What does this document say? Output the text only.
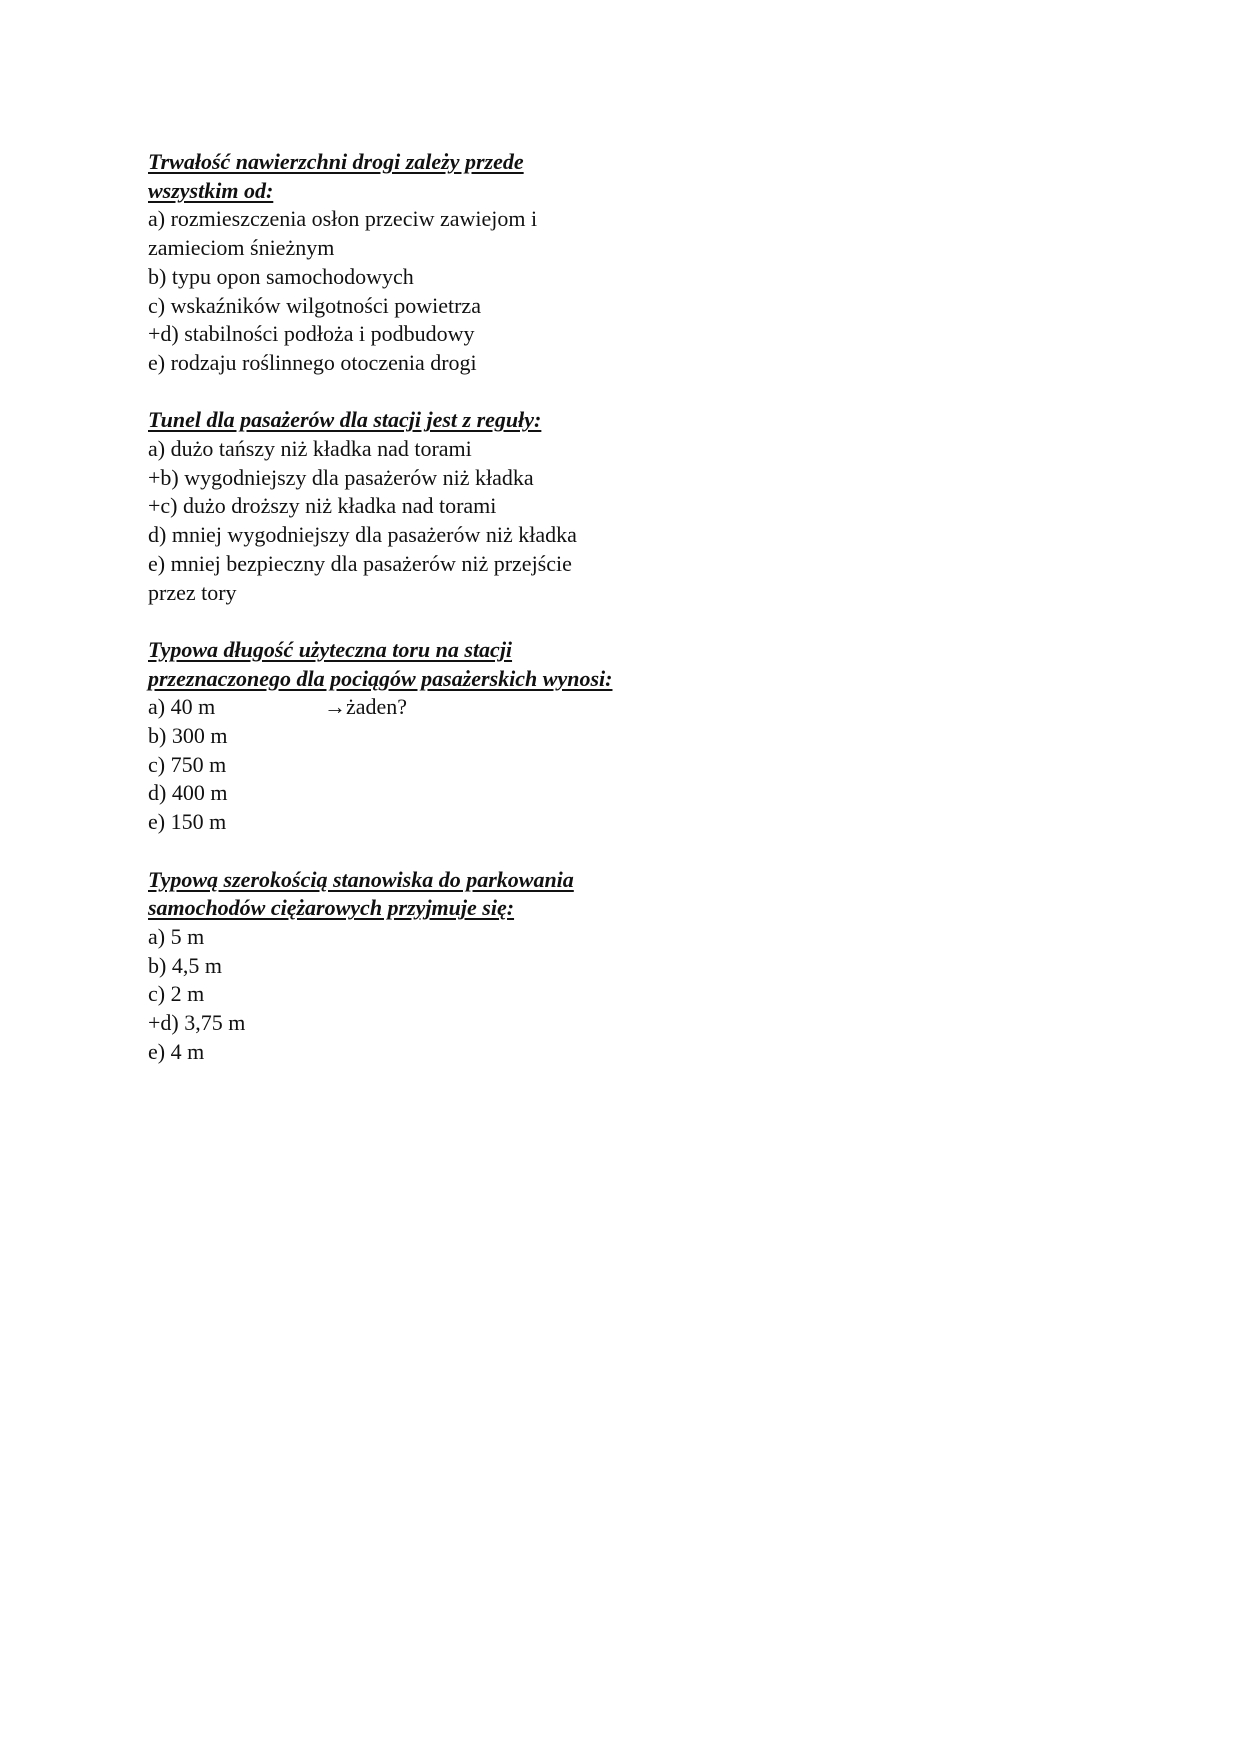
Trwałość nawierzchni drogi zależy przede
wszystkim od:
a) rozmieszczenia osłon przeciw zawiejom i
zamieciom śnieżnym
b) typu opon samochodowych
c) wskaźników wilgotności powietrza
+d) stabilności podłoża i podbudowy
e) rodzaju roślinnego otoczenia drogi
Tunel dla pasażerów dla stacji jest z reguły:
a) dużo tańszy niż kładka nad torami
+b) wygodniejszy dla pasażerów niż kładka
+c) dużo droższy niż kładka nad torami
d) mniej wygodniejszy dla pasażerów niż kładka
e) mniej bezpieczny dla pasażerów niż przejście
przez tory
Typowa długość użyteczna toru na stacji
przeznaczonego dla pociągów pasażerskich wynosi:
a) 40 m	→żaden?
b) 300 m
c) 750 m
d) 400 m
e) 150 m
Typową szerokością stanowiska do parkowania
samochodów ciężarowych przyjmuje się:
a) 5 m
b) 4,5 m
c) 2 m
+d) 3,75 m
e) 4 m
